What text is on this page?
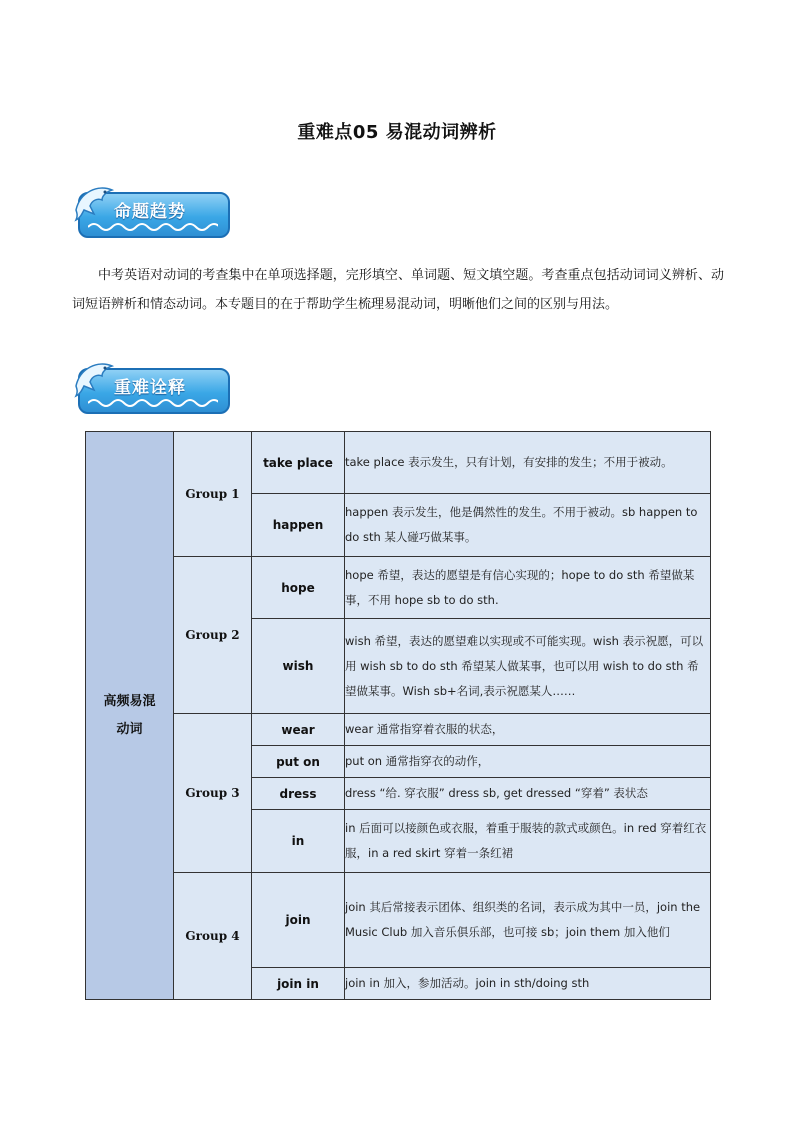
重难点05 易混动词辨析
命题趋势
中考英语对动词的考查集中在单项选择题，完形填空、单词题、短文填空题。考查重点包括动词词义辨析、动词短语辨析和情态动词。本专题目的在于帮助学生梳理易混动词，明晰他们之间的区别与用法。
重难诠释
高频易混动词	Group 1	take place	take place 表示发生，只有计划，有安排的发生；不用于被动。
		happen	happen 表示发生，他是偶然性的发生。不用于被动。sb happen to do sth 某人碰巧做某事。
	Group 2	hope	hope 希望，表达的愿望是有信心实现的；hope to do sth 希望做某事，不用 hope sb to do sth.
		wish	wish 希望，表达的愿望难以实现或不可能实现。wish 表示祝愿，可以用 wish sb to do sth 希望某人做某事，也可以用 wish to do sth 希望做某事。Wish sb+名词,表示祝愿某人……
	Group 3	wear	wear 通常指穿着衣服的状态，
		put on	put on 通常指穿衣的动作，
		dress	dress “给. 穿衣服” dress sb, get dressed “穿着” 表状态
		in	in 后面可以接颜色或衣服，着重于服装的款式或颜色。in red 穿着红衣服，in a red skirt 穿着一条红裙
	Group 4	join	join 其后常接表示团体、组织类的名词，表示成为其中一员，join the Music Club 加入音乐俱乐部，也可接 sb；join them 加入他们
		join in	join in 加入，参加活动。join in sth/doing sth
